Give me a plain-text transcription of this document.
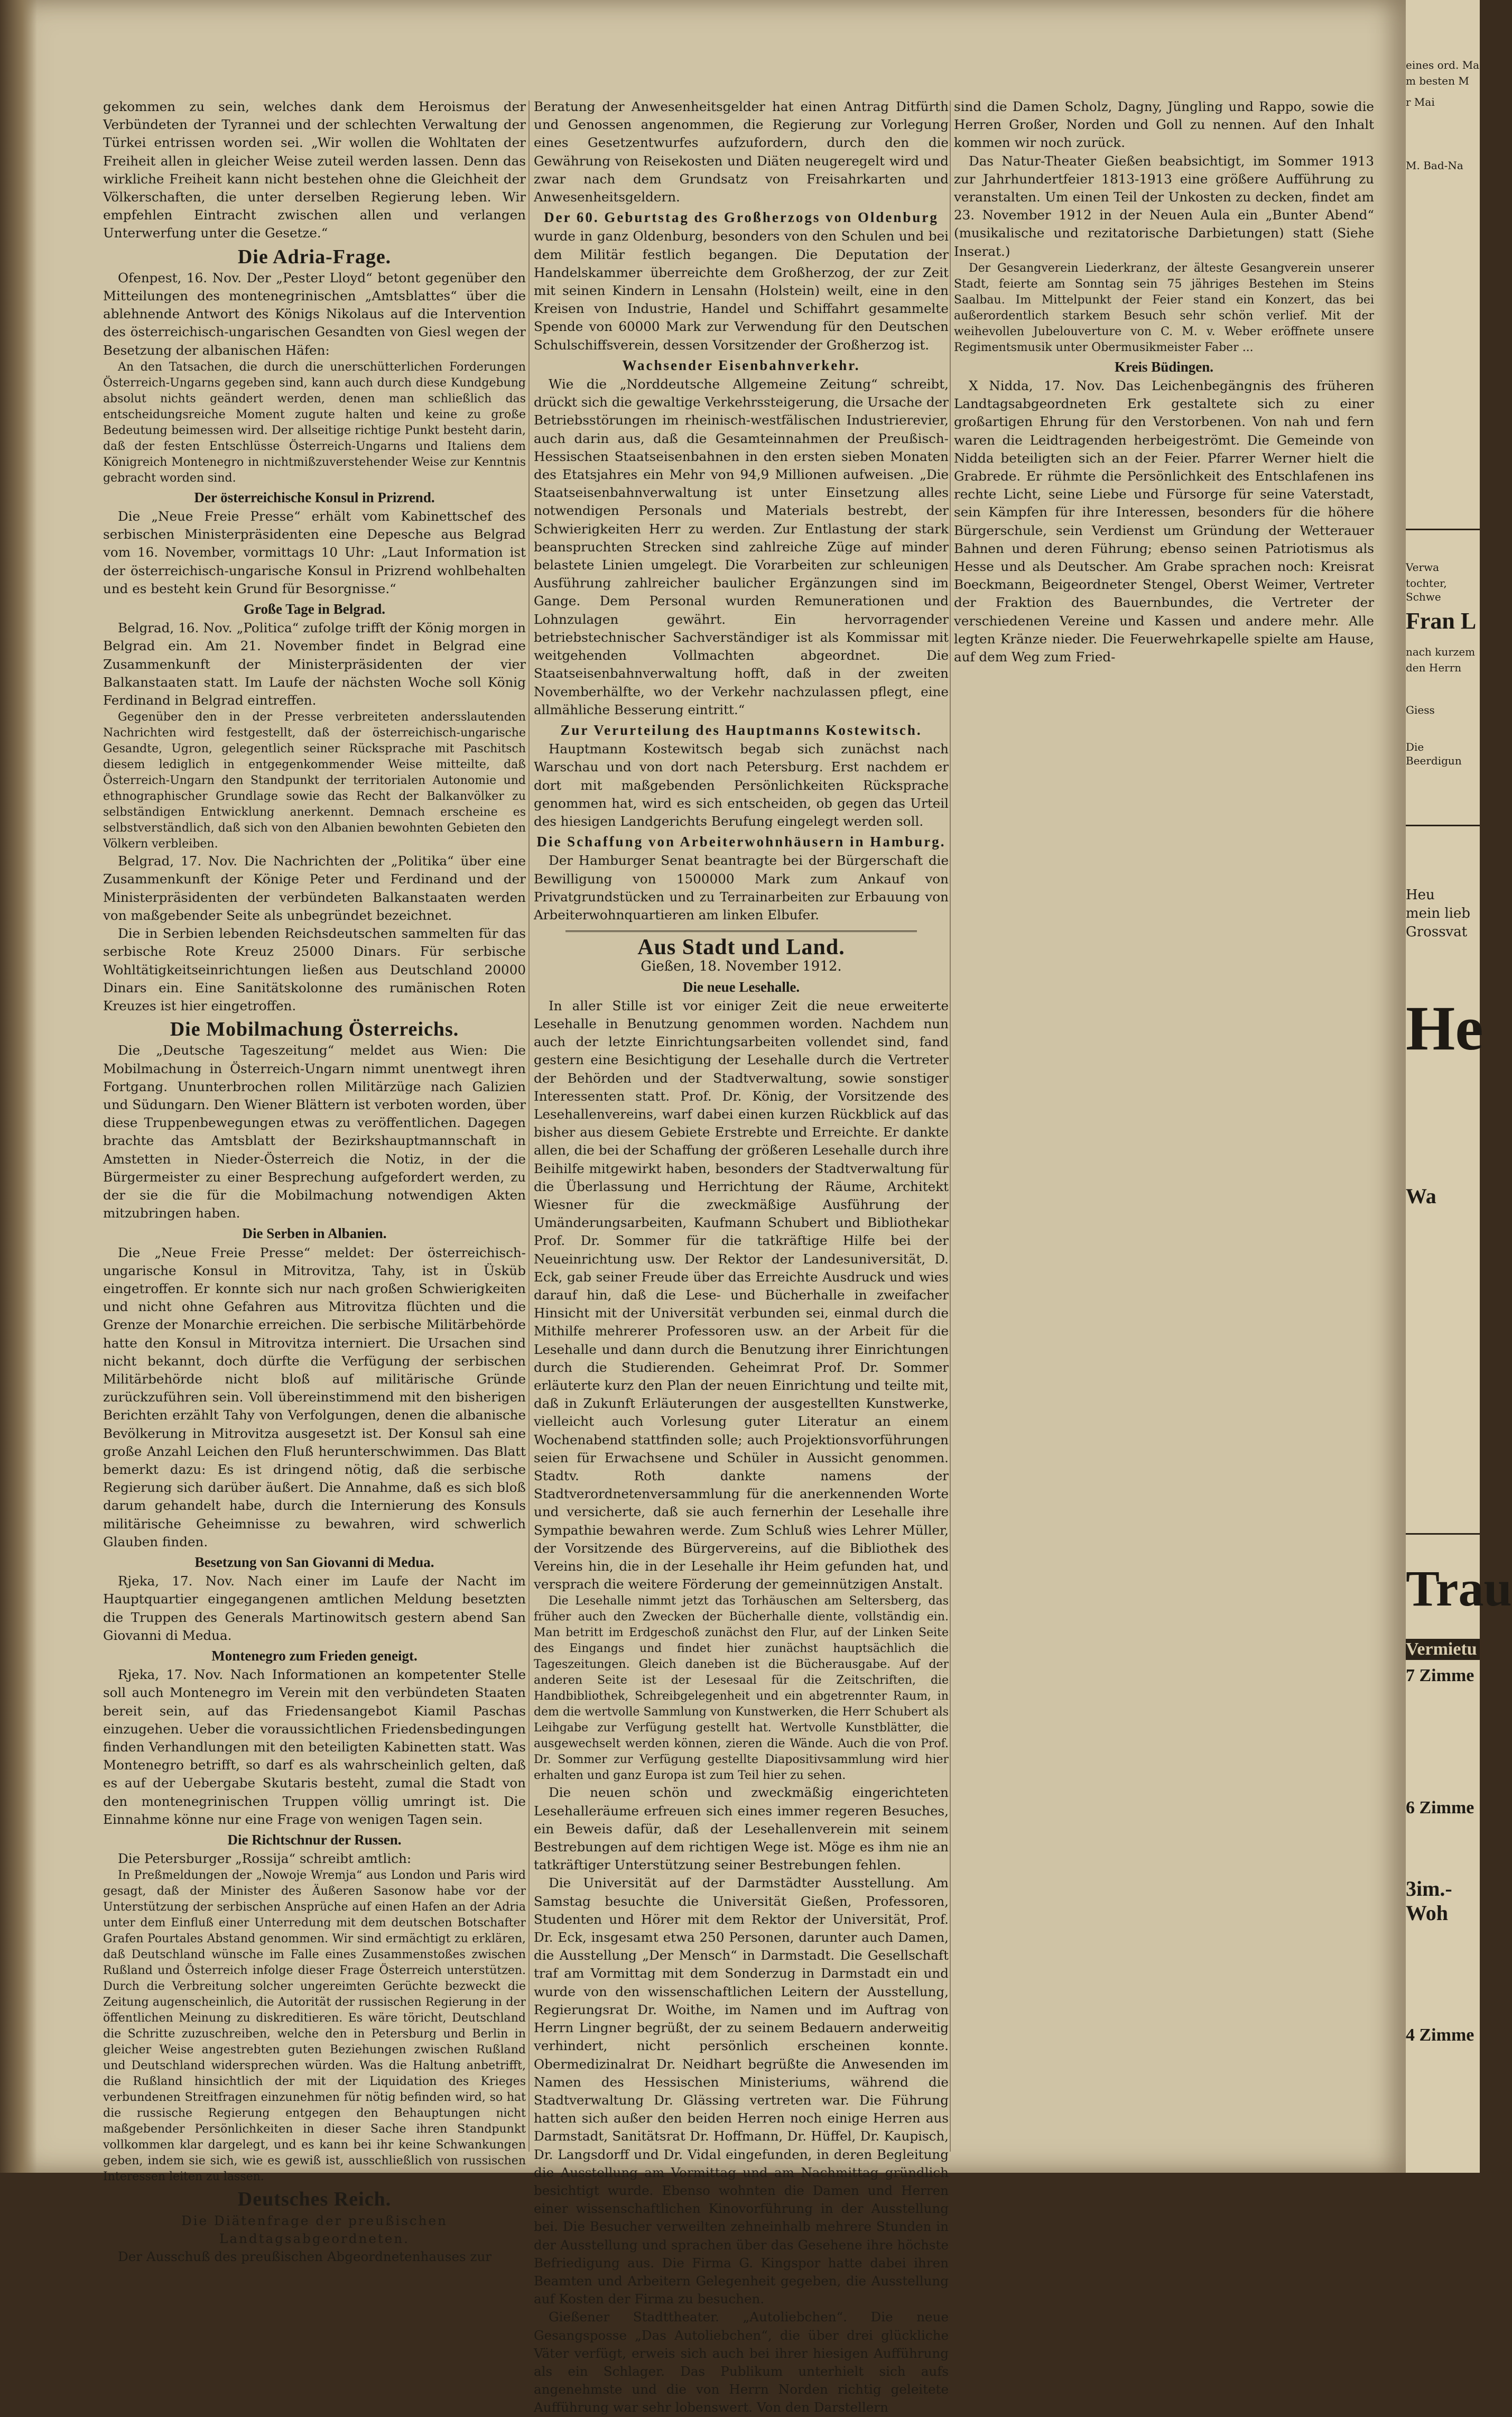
gekommen zu sein, welches dank dem Heroismus der Verbündeten der Tyrannei und der schlechten Verwaltung der Türkei entrissen worden sei. „Wir wollen die Wohltaten der Freiheit allen in gleicher Weise zuteil werden lassen. Denn das wirkliche Freiheit kann nicht bestehen ohne die Gleichheit der Völkerschaften, die unter derselben Regierung leben. Wir empfehlen Eintracht zwischen allen und verlangen Unterwerfung unter die Gesetze.“

Die Adria-Frage.

Ofenpest, 16. Nov. Der „Pester Lloyd“ betont gegenüber den Mitteilungen des montenegrinischen „Amtsblattes“ über die ablehnende Antwort des Königs Nikolaus auf die Intervention des österreichisch-ungarischen Gesandten von Giesl wegen der Besetzung der albanischen Häfen:

An den Tatsachen, die durch die unerschütterlichen Forderungen Österreich-Ungarns gegeben sind, kann auch durch diese Kundgebung absolut nichts geändert werden, denen man schließlich das entscheidungsreiche Moment zugute halten und keine zu große Bedeutung beimessen wird. Der allseitige richtige Punkt besteht darin, daß der festen Entschlüsse Österreich-Ungarns und Italiens dem Königreich Montenegro in nichtmißzuverstehender Weise zur Kenntnis gebracht worden sind.

Der österreichische Konsul in Prizrend.

Die „Neue Freie Presse“ erhält vom Kabinettschef des serbischen Ministerpräsidenten eine Depesche aus Belgrad vom 16. November, vormittags 10 Uhr: „Laut Information ist der österreichisch-ungarische Konsul in Prizrend wohlbehalten und es besteht kein Grund für Besorgnisse.“

Große Tage in Belgrad.

Belgrad, 16. Nov. „Politica“ zufolge trifft der König morgen in Belgrad ein. Am 21. November findet in Belgrad eine Zusammenkunft der Ministerpräsidenten der vier Balkanstaaten statt. Im Laufe der nächsten Woche soll König Ferdinand in Belgrad eintreffen.

Gegenüber den in der Presse verbreiteten andersslautenden Nachrichten wird festgestellt, daß der österreichisch-ungarische Gesandte, Ugron, gelegentlich seiner Rücksprache mit Paschitsch diesem lediglich in entgegenkommender Weise mitteilte, daß Österreich-Ungarn den Standpunkt der territorialen Autonomie und ethnographischer Grundlage sowie das Recht der Balkanvölker zu selbständigen Entwicklung anerkennt. Demnach erscheine es selbstverständlich, daß sich von den Albanien bewohnten Gebieten den Völkern verbleiben.

Belgrad, 17. Nov. Die Nachrichten der „Politika“ über eine Zusammenkunft der Könige Peter und Ferdinand und der Ministerpräsidenten der verbündeten Balkanstaaten werden von maßgebender Seite als unbegründet bezeichnet.

Die in Serbien lebenden Reichsdeutschen sammelten für das serbische Rote Kreuz 25000 Dinars. Für serbische Wohltätigkeitseinrichtungen ließen aus Deutschland 20000 Dinars ein. Eine Sanitätskolonne des rumänischen Roten Kreuzes ist hier eingetroffen.

Die Mobilmachung Österreichs.

Die „Deutsche Tageszeitung“ meldet aus Wien: Die Mobilmachung in Österreich-Ungarn nimmt unentwegt ihren Fortgang. Ununterbrochen rollen Militärzüge nach Galizien und Südungarn. Den Wiener Blättern ist verboten worden, über diese Truppenbewegungen etwas zu veröffentlichen. Dagegen brachte das Amtsblatt der Bezirkshauptmannschaft in Amstetten in Nieder-Österreich die Notiz, in der die Bürgermeister zu einer Besprechung aufgefordert werden, zu der sie die für die Mobilmachung notwendigen Akten mitzubringen haben.

Die Serben in Albanien.

Die „Neue Freie Presse“ meldet: Der österreichisch-ungarische Konsul in Mitrovitza, Tahy, ist in Üsküb eingetroffen. Er konnte sich nur nach großen Schwierigkeiten und nicht ohne Gefahren aus Mitrovitza flüchten und die Grenze der Monarchie erreichen. Die serbische Militärbehörde hatte den Konsul in Mitrovitza interniert. Die Ursachen sind nicht bekannt, doch dürfte die Verfügung der serbischen Militärbehörde nicht bloß auf militärische Gründe zurückzuführen sein. Voll übereinstimmend mit den bisherigen Berichten erzählt Tahy von Verfolgungen, denen die albanische Bevölkerung in Mitrovitza ausgesetzt ist. Der Konsul sah eine große Anzahl Leichen den Fluß herunterschwimmen. Das Blatt bemerkt dazu: Es ist dringend nötig, daß die serbische Regierung sich darüber äußert. Die Annahme, daß es sich bloß darum gehandelt habe, durch die Internierung des Konsuls militärische Geheimnisse zu bewahren, wird schwerlich Glauben finden.

Besetzung von San Giovanni di Medua.

Rjeka, 17. Nov. Nach einer im Laufe der Nacht im Hauptquartier eingegangenen amtlichen Meldung besetzten die Truppen des Generals Martinowitsch gestern abend San Giovanni di Medua.

Montenegro zum Frieden geneigt.

Rjeka, 17. Nov. Nach Informationen an kompetenter Stelle soll auch Montenegro im Verein mit den verbündeten Staaten bereit sein, auf das Friedensangebot Kiamil Paschas einzugehen. Ueber die voraussichtlichen Friedensbedingungen finden Verhandlungen mit den beteiligten Kabinetten statt. Was Montenegro betrifft, so darf es als wahrscheinlich gelten, daß es auf der Uebergabe Skutaris besteht, zumal die Stadt von den montenegrinischen Truppen völlig umringt ist. Die Einnahme könne nur eine Frage von wenigen Tagen sein.

Die Richtschnur der Russen.

Die Petersburger „Rossija“ schreibt amtlich:

In Preßmeldungen der „Nowoje Wremja“ aus London und Paris wird gesagt, daß der Minister des Äußeren Sasonow habe vor der Unterstützung der serbischen Ansprüche auf einen Hafen an der Adria unter dem Einfluß einer Unterredung mit dem deutschen Botschafter Grafen Pourtales Abstand genommen. Wir sind ermächtigt zu erklären, daß Deutschland wünsche im Falle eines Zusammenstoßes zwischen Rußland und Österreich infolge dieser Frage Österreich unterstützen. Durch die Verbreitung solcher ungereimten Gerüchte bezweckt die Zeitung augenscheinlich, die Autorität der russischen Regierung in der öffentlichen Meinung zu diskreditieren. Es wäre töricht, Deutschland die Schritte zuzuschreiben, welche den in Petersburg und Berlin in gleicher Weise angestrebten guten Beziehungen zwischen Rußland und Deutschland widersprechen würden. Was die Haltung anbetrifft, die Rußland hinsichtlich der mit der Liquidation des Krieges verbundenen Streitfragen einzunehmen für nötig befinden wird, so hat die russische Regierung entgegen den Behauptungen nicht maßgebender Persönlichkeiten in dieser Sache ihren Standpunkt vollkommen klar dargelegt, und es kann bei ihr keine Schwankungen geben, indem sie sich, wie es gewiß ist, ausschließlich von russischen Interessen leiten zu lassen.

Deutsches Reich.

Die Diätenfrage der preußischen Landtagsabgeordneten.

Der Ausschuß des preußischen Abgeordnetenhauses zur

Beratung der Anwesenheitsgelder hat einen Antrag Ditfürth und Genossen angenommen, die Regierung zur Vorlegung eines Gesetzentwurfes aufzufordern, durch den die Gewährung von Reisekosten und Diäten neugeregelt wird und zwar nach dem Grundsatz von Freisahrkarten und Anwesenheitsgeldern.

Der 60. Geburtstag des Großherzogs von Oldenburg

wurde in ganz Oldenburg, besonders von den Schulen und bei dem Militär festlich begangen. Die Deputation der Handelskammer überreichte dem Großherzog, der zur Zeit mit seinen Kindern in Lensahn (Holstein) weilt, eine in den Kreisen von Industrie, Handel und Schiffahrt gesammelte Spende von 60000 Mark zur Verwendung für den Deutschen Schulschiffsverein, dessen Vorsitzender der Großherzog ist.

Wachsender Eisenbahnverkehr.

Wie die „Norddeutsche Allgemeine Zeitung“ schreibt, drückt sich die gewaltige Verkehrssteigerung, die Ursache der Betriebsstörungen im rheinisch-westfälischen Industrierevier, auch darin aus, daß die Gesamteinnahmen der Preußisch-Hessischen Staatseisenbahnen in den ersten sieben Monaten des Etatsjahres ein Mehr von 94,9 Millionen aufweisen. „Die Staatseisenbahnverwaltung ist unter Einsetzung alles notwendigen Personals und Materials bestrebt, der Schwierigkeiten Herr zu werden. Zur Entlastung der stark beanspruchten Strecken sind zahlreiche Züge auf minder belastete Linien umgelegt. Die Vorarbeiten zur schleunigen Ausführung zahlreicher baulicher Ergänzungen sind im Gange. Dem Personal wurden Remunerationen und Lohnzulagen gewährt. Ein hervorragender betriebstechnischer Sachverständiger ist als Kommissar mit weitgehenden Vollmachten abgeordnet. Die Staatseisenbahnverwaltung hofft, daß in der zweiten Novemberhälfte, wo der Verkehr nachzulassen pflegt, eine allmähliche Besserung eintritt.“

Zur Verurteilung des Hauptmanns Kostewitsch.

Hauptmann Kostewitsch begab sich zunächst nach Warschau und von dort nach Petersburg. Erst nachdem er dort mit maßgebenden Persönlichkeiten Rücksprache genommen hat, wird es sich entscheiden, ob gegen das Urteil des hiesigen Landgerichts Berufung eingelegt werden soll.

Die Schaffung von Arbeiterwohnhäusern in Hamburg.

Der Hamburger Senat beantragte bei der Bürgerschaft die Bewilligung von 1500000 Mark zum Ankauf von Privatgrundstücken und zu Terrainarbeiten zur Erbauung von Arbeiterwohnquartieren am linken Elbufer.

Aus Stadt und Land.
Gießen, 18. November 1912.
Die neue Lesehalle.

In aller Stille ist vor einiger Zeit die neue erweiterte Lesehalle in Benutzung genommen worden. Nachdem nun auch der letzte Einrichtungsarbeiten vollendet sind, fand gestern eine Besichtigung der Lesehalle durch die Vertreter der Behörden und der Stadtverwaltung, sowie sonstiger Interessenten statt. Prof. Dr. König, der Vorsitzende des Lesehallenvereins, warf dabei einen kurzen Rückblick auf das bisher aus diesem Gebiete Erstrebte und Erreichte. Er dankte allen, die bei der Schaffung der größeren Lesehalle durch ihre Beihilfe mitgewirkt haben, besonders der Stadtverwaltung für die Überlassung und Herrichtung der Räume, Architekt Wiesner für die zweckmäßige Ausführung der Umänderungsarbeiten, Kaufmann Schubert und Bibliothekar Prof. Dr. Sommer für die tatkräftige Hilfe bei der Neueinrichtung usw. Der Rektor der Landesuniversität, D. Eck, gab seiner Freude über das Erreichte Ausdruck und wies darauf hin, daß die Lese- und Bücherhalle in zweifacher Hinsicht mit der Universität verbunden sei, einmal durch die Mithilfe mehrerer Professoren usw. an der Arbeit für die Lesehalle und dann durch die Benutzung ihrer Einrichtungen durch die Studierenden. Geheimrat Prof. Dr. Sommer erläuterte kurz den Plan der neuen Einrichtung und teilte mit, daß in Zukunft Erläuterungen der ausgestellten Kunstwerke, vielleicht auch Vorlesung guter Literatur an einem Wochenabend stattfinden solle; auch Projektionsvorführungen seien für Erwachsene und Schüler in Aussicht genommen. Stadtv. Roth dankte namens der Stadtverordnetenversammlung für die anerkennenden Worte und versicherte, daß sie auch fernerhin der Lesehalle ihre Sympathie bewahren werde. Zum Schluß wies Lehrer Müller, der Vorsitzende des Bürgervereins, auf die Bibliothek des Vereins hin, die in der Lesehalle ihr Heim gefunden hat, und versprach die weitere Förderung der gemeinnützigen Anstalt.

Die Lesehalle nimmt jetzt das Torhäuschen am Seltersberg, das früher auch den Zwecken der Bücherhalle diente, vollständig ein. Man betritt im Erdgeschoß zunächst den Flur, auf der Linken Seite des Eingangs und findet hier zunächst hauptsächlich die Tageszeitungen. Gleich daneben ist die Bücherausgabe. Auf der anderen Seite ist der Lesesaal für die Zeitschriften, die Handbibliothek, Schreibgelegenheit und ein abgetrennter Raum, in dem die wertvolle Sammlung von Kunstwerken, die Herr Schubert als Leihgabe zur Verfügung gestellt hat. Wertvolle Kunstblätter, die ausgewechselt werden können, zieren die Wände. Auch die von Prof. Dr. Sommer zur Verfügung gestellte Diapositivsammlung wird hier erhalten und ganz Europa ist zum Teil hier zu sehen.

Die neuen schön und zweckmäßig eingerichteten Lesehalleräume erfreuen sich eines immer regeren Besuches, ein Beweis dafür, daß der Lesehallenverein mit seinem Bestrebungen auf dem richtigen Wege ist. Möge es ihm nie an tatkräftiger Unterstützung seiner Bestrebungen fehlen.

Die Universität auf der Darmstädter Ausstellung. Am Samstag besuchte die Universität Gießen, Professoren, Studenten und Hörer mit dem Rektor der Universität, Prof. Dr. Eck, insgesamt etwa 250 Personen, darunter auch Damen, die Ausstellung „Der Mensch“ in Darmstadt. Die Gesellschaft traf am Vormittag mit dem Sonderzug in Darmstadt ein und wurde von den wissenschaftlichen Leitern der Ausstellung, Regierungsrat Dr. Woithe, im Namen und im Auftrag von Herrn Lingner begrüßt, der zu seinem Bedauern anderweitig verhindert, nicht persönlich erscheinen konnte. Obermedizinalrat Dr. Neidhart begrüßte die Anwesenden im Namen des Hessischen Ministeriums, während die Stadtverwaltung Dr. Glässing vertreten war. Die Führung hatten sich außer den beiden Herren noch einige Herren aus Darmstadt, Sanitätsrat Dr. Hoffmann, Dr. Hüffel, Dr. Kaupisch, Dr. Langsdorff und Dr. Vidal eingefunden, in deren Begleitung die Ausstellung am Vormittag und am Nachmittag gründlich besichtigt wurde. Ebenso wohnten die Damen und Herren einer wissenschaftlichen Kinovorführung in der Ausstellung bei. Die Besucher verweilten zehneinhalb mehrere Stunden in der Ausstellung und sprachen über das Gesehene ihre höchste Befriedigung aus. Die Firma G. Kingspor hatte dabei ihren Beamten und Arbeitern Gelegenheit gegeben, die Ausstellung auf Kosten der Firma zu besuchen.

Gießener Stadttheater. „Autoliebchen“. Die neue Gesangsposse „Das Autoliebchen“, die über drei glückliche Väter verfügt, erweis sich auch bei ihrer hiesigen Aufführung als ein Schlager. Das Publikum unterhielt sich aufs angenehmste und die von Herrn Norden richtig geleitete Aufführung war sehr lobenswert. Von den Darstellern

sind die Damen Scholz, Dagny, Jüngling und Rappo, sowie die Herren Großer, Norden und Goll zu nennen. Auf den Inhalt kommen wir noch zurück.

Das Natur-Theater Gießen beabsichtigt, im Sommer 1913 zur Jahrhundertfeier 1813-1913 eine größere Aufführung zu veranstalten. Um einen Teil der Unkosten zu decken, findet am 23. November 1912 in der Neuen Aula ein „Bunter Abend“ (musikalische und rezitatorische Darbietungen) statt (Siehe Inserat.)

Der Gesangverein Liederkranz, der älteste Gesangverein unserer Stadt, feierte am Sonntag sein 75 jähriges Bestehen im Steins Saalbau. Im Mittelpunkt der Feier stand ein Konzert, das bei außerordentlich starkem Besuch sehr schön verlief. Mit der weihevollen Jubelouverture von C. M. v. Weber eröffnete unsere Regimentsmusik unter Obermusikmeister Faber ...

Kreis Büdingen.

X Nidda, 17. Nov. Das Leichenbegängnis des früheren Landtagsabgeordneten Erk gestaltete sich zu einer großartigen Ehrung für den Verstorbenen. Von nah und fern waren die Leidtragenden herbeigeströmt. Die Gemeinde von Nidda beteiligten sich an der Feier. Pfarrer Werner hielt die Grabrede. Er rühmte die Persönlichkeit des Entschlafenen ins rechte Licht, seine Liebe und Fürsorge für seine Vaterstadt, sein Kämpfen für ihre Interessen, besonders für die höhere Bürgerschule, sein Verdienst um Gründung der Wetterauer Bahnen und deren Führung; ebenso seinen Patriotismus als Hesse und als Deutscher. Am Grabe sprachen noch: Kreisrat Boeckmann, Beigeordneter Stengel, Oberst Weimer, Vertreter der Fraktion des Bauernbundes, die Vertreter der verschiedenen Vereine und Kassen und andere mehr. Alle legten Kränze nieder. Die Feuerwehrkapelle spielte am Hause, auf dem Weg zum Fried-

eines ord. Ma
m besten M
r Mai
M. Bad-Na
Verwa
tochter, Schwe
Fran L
nach kurzem
den Herrn
Giess
Die Beerdigun
Heu
mein lieb
Grossvat
He
Wa
Trau
Vermietu
7 Zimme
6 Zimme
3im.-Woh
4 Zimme
